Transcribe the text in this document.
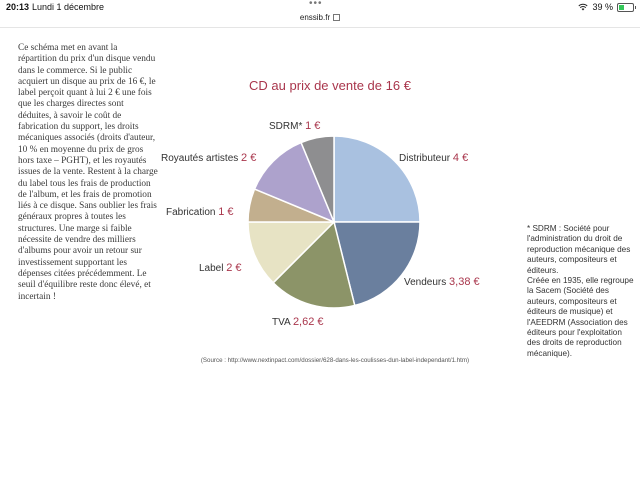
20:13 Lundi 1 décembre	•••	39 %
enssib.fr
Ce schéma met en avant la répartition du prix d'un disque vendu dans le commerce. Si le public acquiert un disque au prix de 16 €, le label perçoit quant à lui 2 € une fois que les charges directes sont déduites, à savoir le coût de fabrication du support, les droits mécaniques associés (droits d'auteur, 10 % en moyenne du prix de gros hors taxe – PGHT), et les royautés issues de la vente. Restent à la charge du label tous les frais de production de l'album, et les frais de promotion liés à ce disque. Sans oublier les frais généraux propres à toutes les structures. Une marge si faible nécessite de vendre des milliers d'albums pour avoir un retour sur investissement supportant les dépenses citées précédemment. Le seuil d'équilibre reste donc élevé, et incertain !
CD au prix de vente de 16 €
Distributeur 4 €
Vendeurs 3,38 €
TVA 2,62 €
Label 2 €
Fabrication 1 €
Royautés artistes 2 €
SDRM* 1 €
(Source : http://www.nextinpact.com/dossier/628-dans-les-coulisses-dun-label-independant/1.htm)

* SDRM : Société pour l'administration du droit de reproduction mécanique des auteurs, compositeurs et éditeurs.

Créée en 1935, elle regroupe la Sacem (Société des auteurs, compositeurs et éditeurs de musique) et l'AEEDRM (Association des éditeurs pour l'exploitation des droits de reproduction mécanique).
